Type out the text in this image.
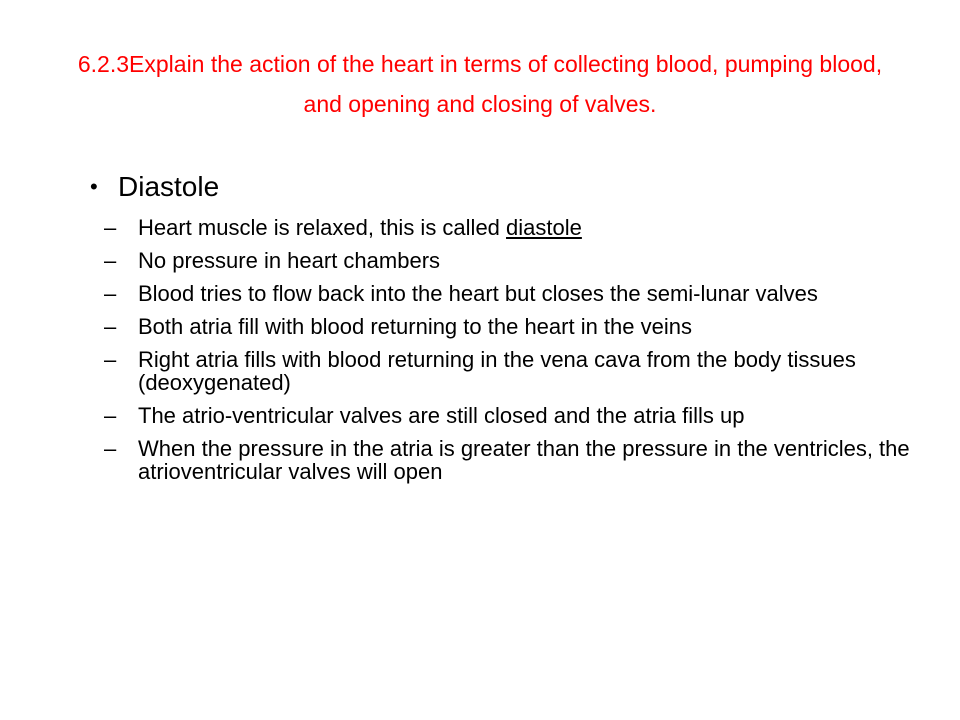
6.2.3Explain the action of the heart in terms of collecting blood, pumping blood, and opening and closing of valves.
• Diastole
– Heart muscle is relaxed, this is called diastole
– No pressure in heart chambers
– Blood tries to flow back into the heart but closes the semi-lunar valves
– Both atria fill with blood returning to the heart in the veins
– Right atria fills with blood returning in the vena cava from the body tissues (deoxygenated)
– The atrio-ventricular valves are still closed and the atria fills up
– When the pressure in the atria is greater than the pressure in the ventricles, the atrioventricular valves will open
